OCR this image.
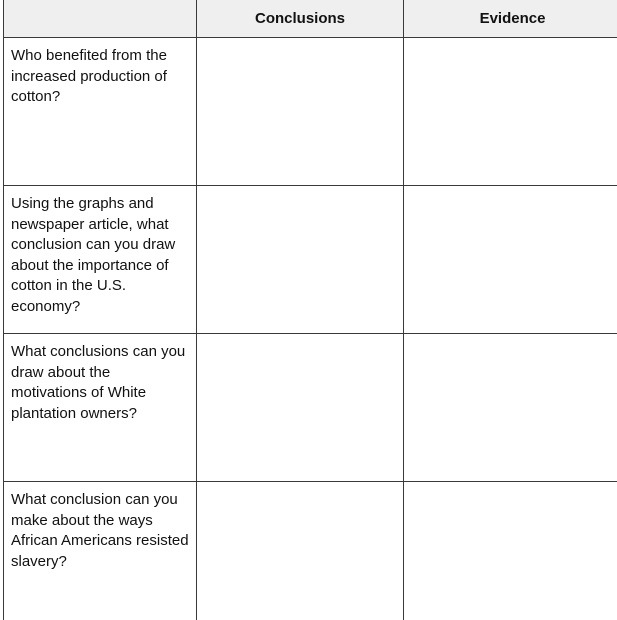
	Conclusions	Evidence

Who benefited from the increased production of cotton?		

Using the graphs and newspaper article, what conclusion can you draw about the importance of cotton in the U.S. economy?		

What conclusions can you draw about the motivations of White plantation owners?		

What conclusion can you make about the ways African Americans resisted slavery?		
